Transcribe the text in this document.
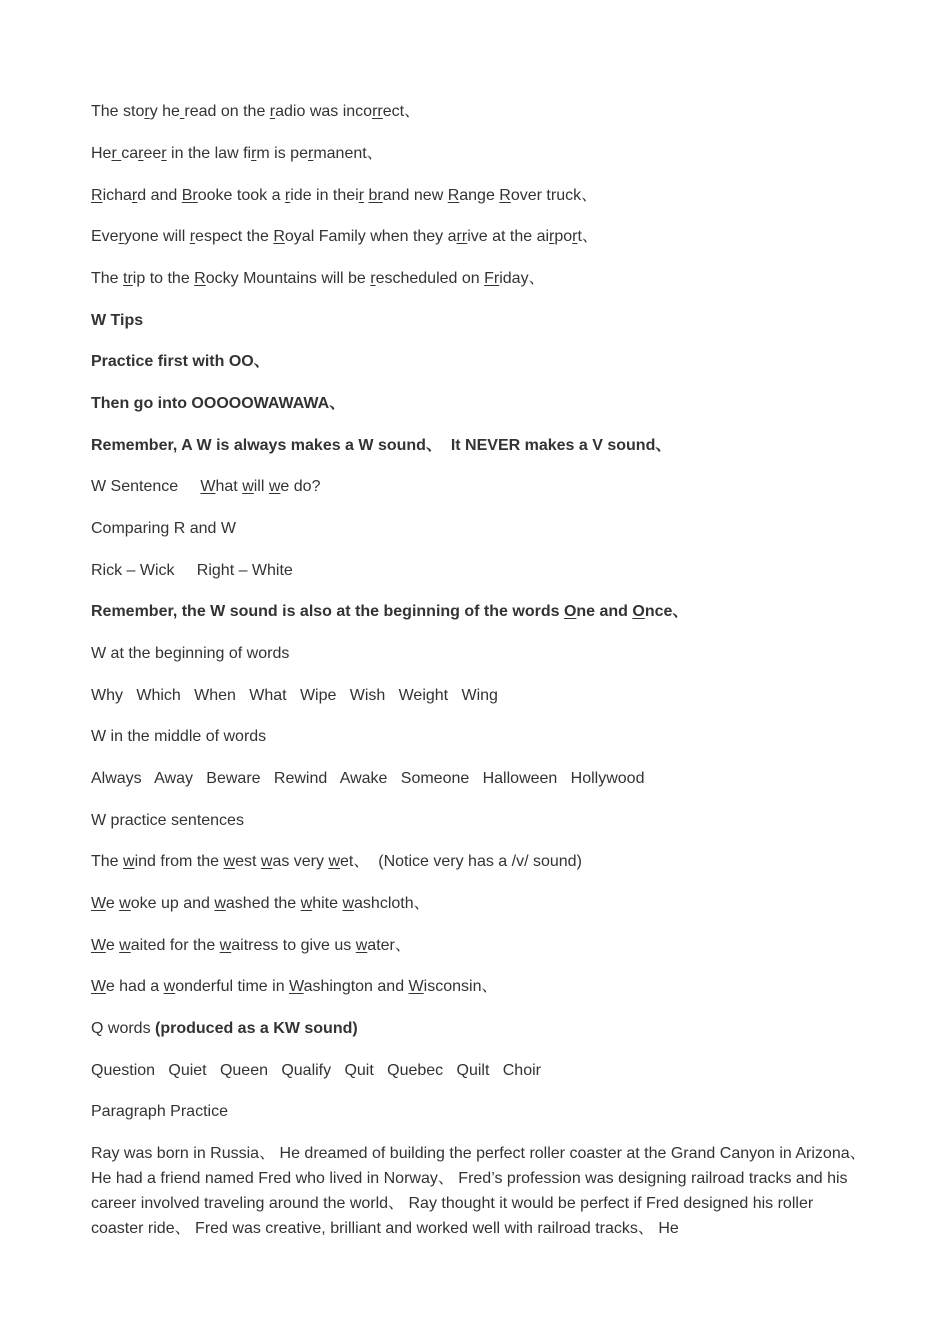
The story he read on the radio was incorrect、

Her career in the law firm is permanent、

Richard and Brooke took a ride in their brand new Range Rover truck、

Everyone will respect the Royal Family when they arrive at the airport、

The trip to the Rocky Mountains will be rescheduled on Friday、

W Tips

Practice first with OO、

Then go into OOOOOWAWAWA、

Remember, A W is always makes a W sound、  It NEVER makes a V sound、

W Sentence     What will we do?

Comparing R and W

Rick – Wick     Right – White

Remember, the W sound is also at the beginning of the words One and Once、

W at the beginning of words

Why   Which   When   What   Wipe   Wish   Weight   Wing

W in the middle of words

Always   Away   Beware   Rewind   Awake   Someone   Halloween   Hollywood

W practice sentences

The wind from the west was very wet、  (Notice very has a /v/ sound)

We woke up and washed the white washcloth、

We waited for the waitress to give us water、

We had a wonderful time in Washington and Wisconsin、

Q words (produced as a KW sound)

Question   Quiet   Queen   Qualify   Quit   Quebec   Quilt   Choir

Paragraph Practice

Ray was born in Russia、 He dreamed of building the perfect roller coaster at the Grand Canyon in Arizona、 He had a friend named Fred who lived in Norway、 Fred’s profession was designing railroad tracks and his career involved traveling around the world、 Ray thought it would be perfect if Fred designed his roller coaster ride、 Fred was creative, brilliant and worked well with railroad tracks、 He
